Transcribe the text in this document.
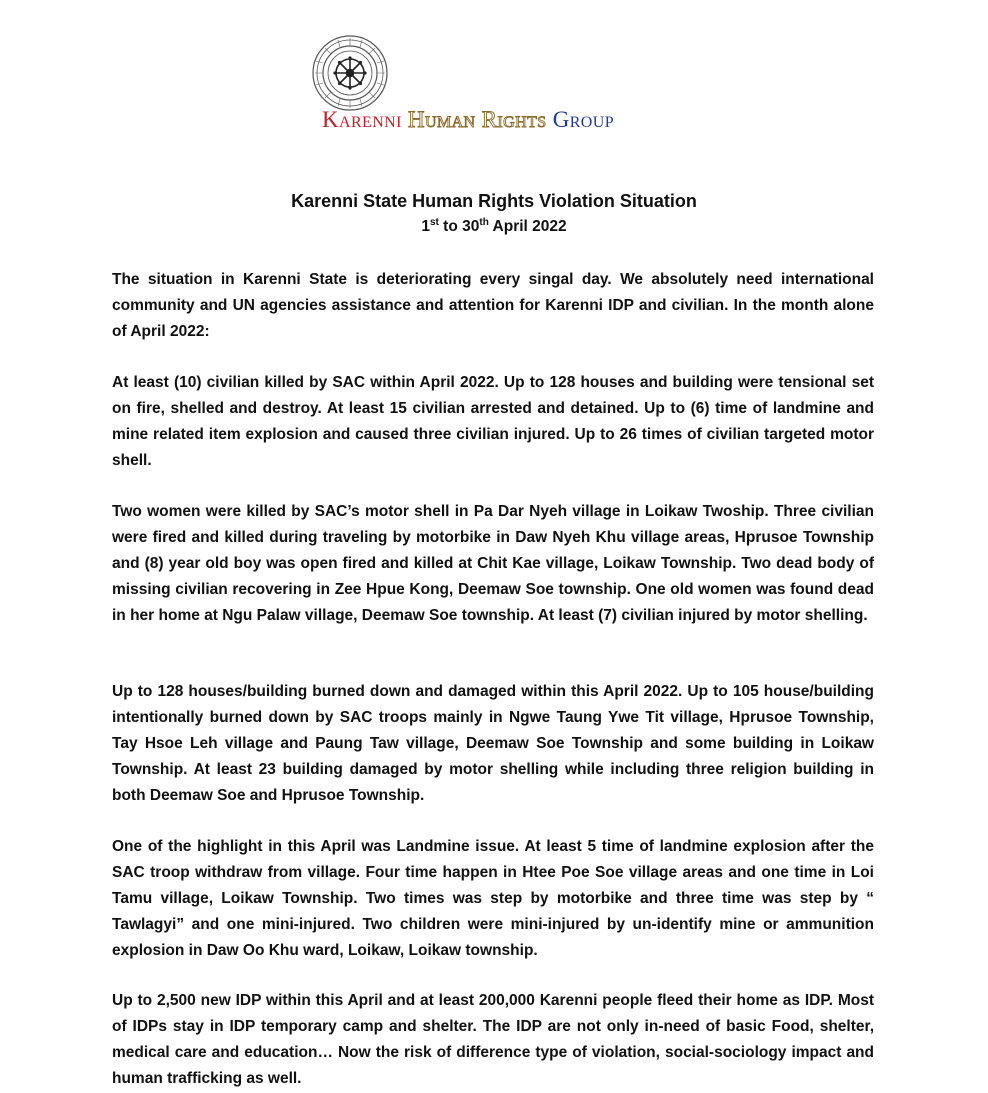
Karenni Human Rights Group
Karenni State Human Rights Violation Situation
1st to 30th April 2022

The situation in Karenni State is deteriorating every singal day. We absolutely need international community and UN agencies assistance and attention for Karenni IDP and civilian. In the month alone of April 2022:

At least (10) civilian killed by SAC within April 2022. Up to 128 houses and building were tensional set on fire, shelled and destroy. At least 15 civilian arrested and detained. Up to (6) time of landmine and mine related item explosion and caused three civilian injured. Up to 26 times of civilian targeted motor shell.

Two women were killed by SAC’s motor shell in Pa Dar Nyeh village in Loikaw Twoship. Three civilian were fired and killed during traveling by motorbike in Daw Nyeh Khu village areas, Hprusoe Township and (8) year old boy was open fired and killed at Chit Kae village, Loikaw Township. Two dead body of missing civilian recovering in Zee Hpue Kong, Deemaw Soe township. One old women was found dead in her home at Ngu Palaw village, Deemaw Soe township. At least (7) civilian injured by motor shelling.

Up to 128 houses/building burned down and damaged within this April 2022. Up to 105 house/building intentionally burned down by SAC troops mainly in Ngwe Taung Ywe Tit village, Hprusoe Township, Tay Hsoe Leh village and Paung Taw village, Deemaw Soe Township and some building in Loikaw Township. At least 23 building damaged by motor shelling while including three religion building in both Deemaw Soe and Hprusoe Township.

One of the highlight in this April was Landmine issue. At least 5 time of landmine explosion after the SAC troop withdraw from village. Four time happen in Htee Poe Soe village areas and one time in Loi Tamu village, Loikaw Township. Two times was step by motorbike and three time was step by “ Tawlagyi” and one mini-injured. Two children were mini-injured by un-identify mine or ammunition explosion in Daw Oo Khu ward, Loikaw, Loikaw township.

Up to 2,500 new IDP within this April and at least 200,000 Karenni people fleed their home as IDP. Most of IDPs stay in IDP temporary camp and shelter. The IDP are not only in-need of basic Food, shelter, medical care and education… Now the risk of difference type of violation, social-sociology impact and human trafficking as well.
